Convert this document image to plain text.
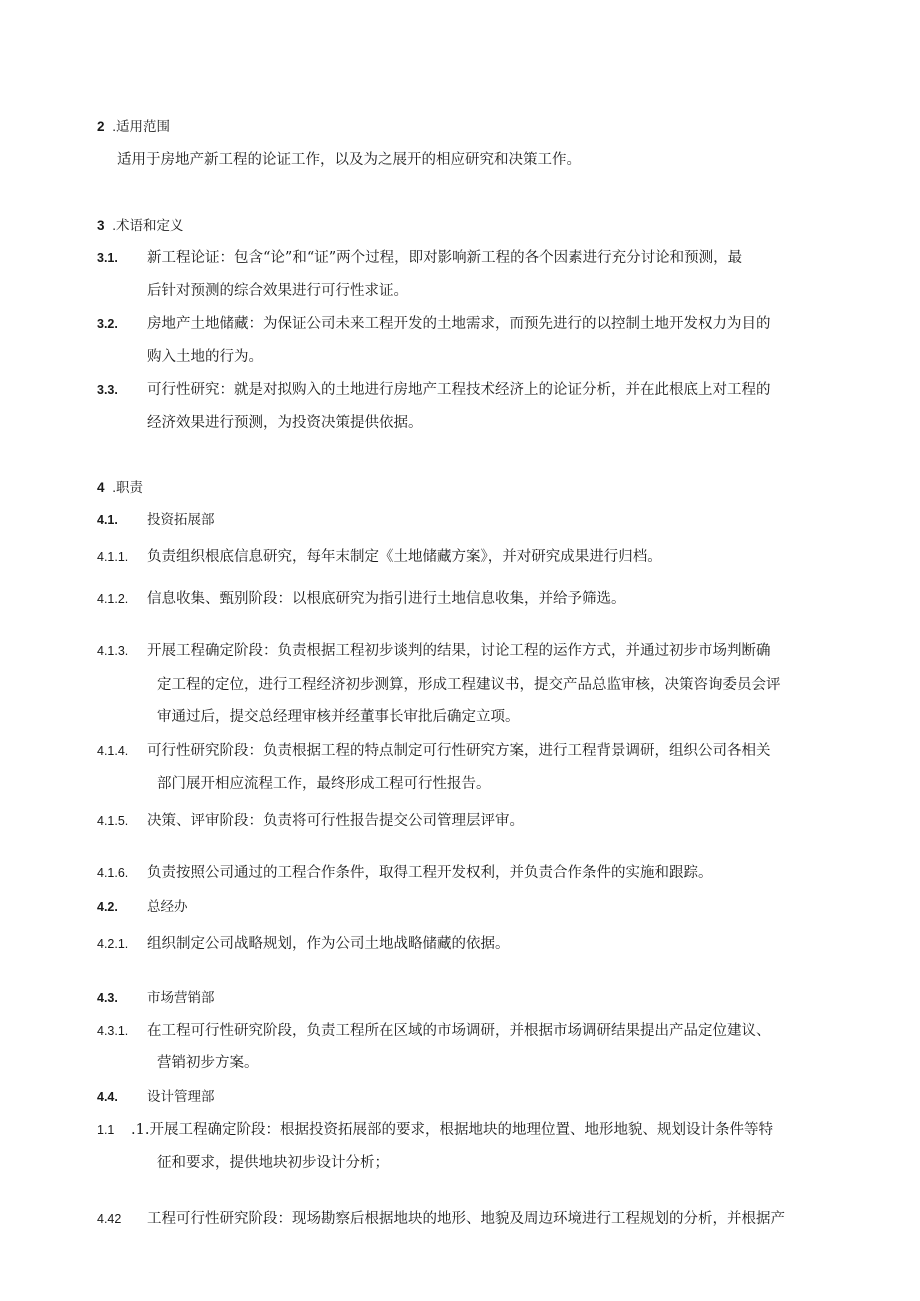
2 .适用范围
适用于房地产新工程的论证工作，以及为之展开的相应研究和决策工作。
3 .术语和定义
3.1. 新工程论证：包含“论”和“证”两个过程，即对影响新工程的各个因素进行充分讨论和预测，最
后针对预测的综合效果进行可行性求证。
3.2. 房地产土地储藏：为保证公司未来工程开发的土地需求，而预先进行的以控制土地开发权力为目的
购入土地的行为。
3.3. 可行性研究：就是对拟购入的土地进行房地产工程技术经济上的论证分析，并在此根底上对工程的
经济效果进行预测，为投资决策提供依据。
4 .职责
4.1. 投资拓展部
4.1.1. 负责组织根底信息研究，每年末制定《土地储藏方案》，并对研究成果进行归档。
4.1.2. 信息收集、甄别阶段：以根底研究为指引进行土地信息收集，并给予筛选。
4.1.3. 开展工程确定阶段：负责根据工程初步谈判的结果，讨论工程的运作方式，并通过初步市场判断确
定工程的定位，进行工程经济初步测算，形成工程建议书，提交产品总监审核，决策咨询委员会评
审通过后，提交总经理审核并经董事长审批后确定立项。
4.1.4. 可行性研究阶段：负责根据工程的特点制定可行性研究方案，进行工程背景调研，组织公司各相关
部门展开相应流程工作，最终形成工程可行性报告。
4.1.5. 决策、评审阶段：负责将可行性报告提交公司管理层评审。
4.1.6. 负责按照公司通过的工程合作条件，取得工程开发权利，并负责合作条件的实施和跟踪。
4.2. 总经办
4.2.1. 组织制定公司战略规划，作为公司土地战略储藏的依据。
4.3. 市场营销部
4.3.1. 在工程可行性研究阶段，负责工程所在区域的市场调研，并根据市场调研结果提出产品定位建议、
营销初步方案。
4.4. 设计管理部
1.1 .1.开展工程确定阶段：根据投资拓展部的要求，根据地块的地理位置、地形地貌、规划设计条件等特
征和要求，提供地块初步设计分析；
4.42 工程可行性研究阶段：现场勘察后根据地块的地形、地貌及周边环境进行工程规划的分析，并根据产
